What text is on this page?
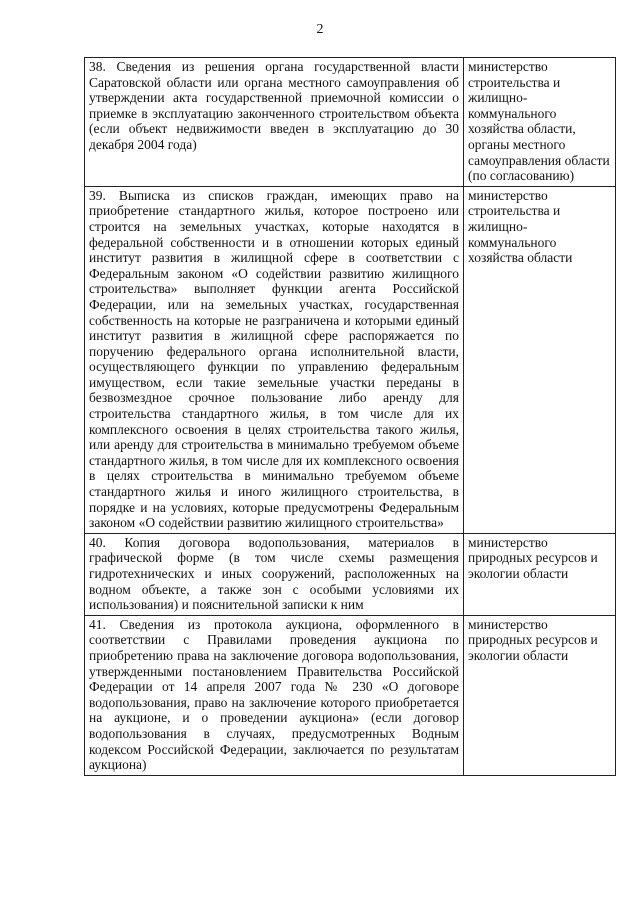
2
38. Сведения из решения органа государственной власти Саратовской области или органа местного самоуправления об утверждении акта государственной приемочной комиссии о приемке в эксплуатацию законченного строительством объекта (если объект недвижимости введен в эксплуатацию до 30 декабря 2004 года)	министерство строительства и жилищно-коммунального хозяйства области, органы местного самоуправления области (по согласованию)

39. Выписка из списков граждан, имеющих право на приобретение стандартного жилья, которое построено или строится на земельных участках, которые находятся в федеральной собственности и в отношении которых единый институт развития в жилищной сфере в соответствии с Федеральным законом «О содействии развитию жилищного строительства» выполняет функции агента Российской Федерации, или на земельных участках, государственная собственность на которые не разграничена и которыми единый институт развития в жилищной сфере распоряжается по поручению федерального органа исполнительной власти, осуществляющего функции по управлению федеральным имуществом, если такие земельные участки переданы в безвозмездное срочное пользование либо аренду для строительства стандартного жилья, в том числе для их комплексного освоения в целях строительства такого жилья, или аренду для строительства в минимально требуемом объеме стандартного жилья, в том числе для их комплексного освоения в целях строительства в минимально требуемом объеме стандартного жилья и иного жилищного строительства, в порядке и на условиях, которые предусмотрены Федеральным законом «О содействии развитию жилищного строительства»	министерство строительства и жилищно-коммунального хозяйства области

40. Копия договора водопользования, материалов в графической форме (в том числе схемы размещения гидротехнических и иных сооружений, расположенных на водном объекте, а также зон с особыми условиями их использования) и пояснительной записки к ним	министерство природных ресурсов и экологии области

41. Сведения из протокола аукциона, оформленного в соответствии с Правилами проведения аукциона по приобретению права на заключение договора водопользования, утвержденными постановлением Правительства Российской Федерации от 14 апреля 2007 года № 230 «О договоре водопользования, право на заключение которого приобретается на аукционе, и о проведении аукциона» (если договор водопользования в случаях, предусмотренных Водным кодексом Российской Федерации, заключается по результатам аукциона)	министерство природных ресурсов и экологии области
